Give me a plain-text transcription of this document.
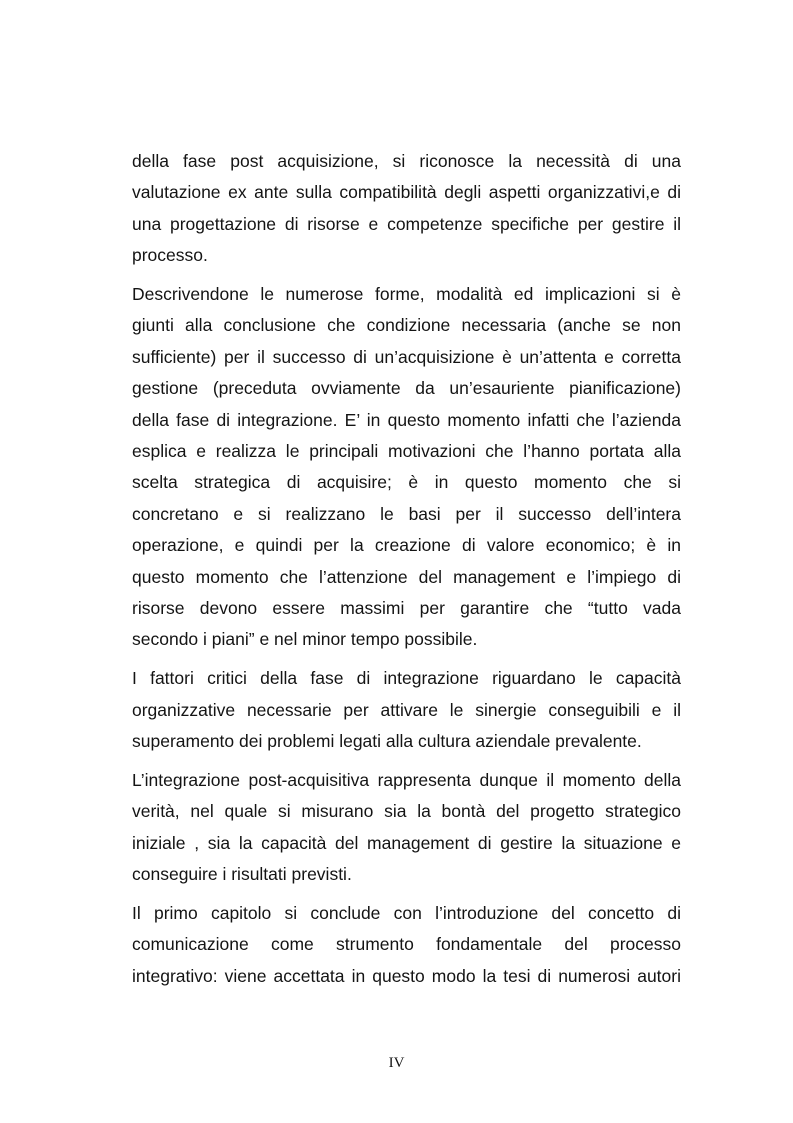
della fase post acquisizione, si riconosce la necessità di una
valutazione ex ante sulla compatibilità degli aspetti organizzativi,e di
una progettazione di risorse e competenze specifiche per gestire il
processo.
Descrivendone le numerose forme, modalità ed implicazioni si è
giunti alla conclusione che condizione necessaria (anche se non
sufficiente) per il successo di un’acquisizione è un’attenta e corretta
gestione (preceduta ovviamente da un’esauriente pianificazione)
della fase di integrazione. E’ in questo momento infatti che l’azienda
esplica e realizza le principali motivazioni che l’hanno portata alla
scelta strategica di acquisire; è in questo momento che si
concretano e si realizzano le basi per il successo dell’intera
operazione, e quindi per la creazione di valore economico; è in
questo momento che l’attenzione del management e l’impiego di
risorse devono essere massimi per garantire che “tutto vada
secondo i piani” e nel minor tempo possibile.
I fattori critici della fase di integrazione riguardano le capacità
organizzative necessarie per attivare le sinergie conseguibili e il
superamento dei problemi legati alla cultura aziendale prevalente.
L’integrazione post-acquisitiva rappresenta dunque il momento della
verità, nel quale si misurano sia la bontà del progetto strategico
iniziale , sia la capacità del management di gestire la situazione e
conseguire i risultati previsti.
Il primo capitolo si conclude con l’introduzione del concetto di
comunicazione come strumento fondamentale del processo
integrativo: viene accettata in questo modo la tesi di numerosi autori
IV
